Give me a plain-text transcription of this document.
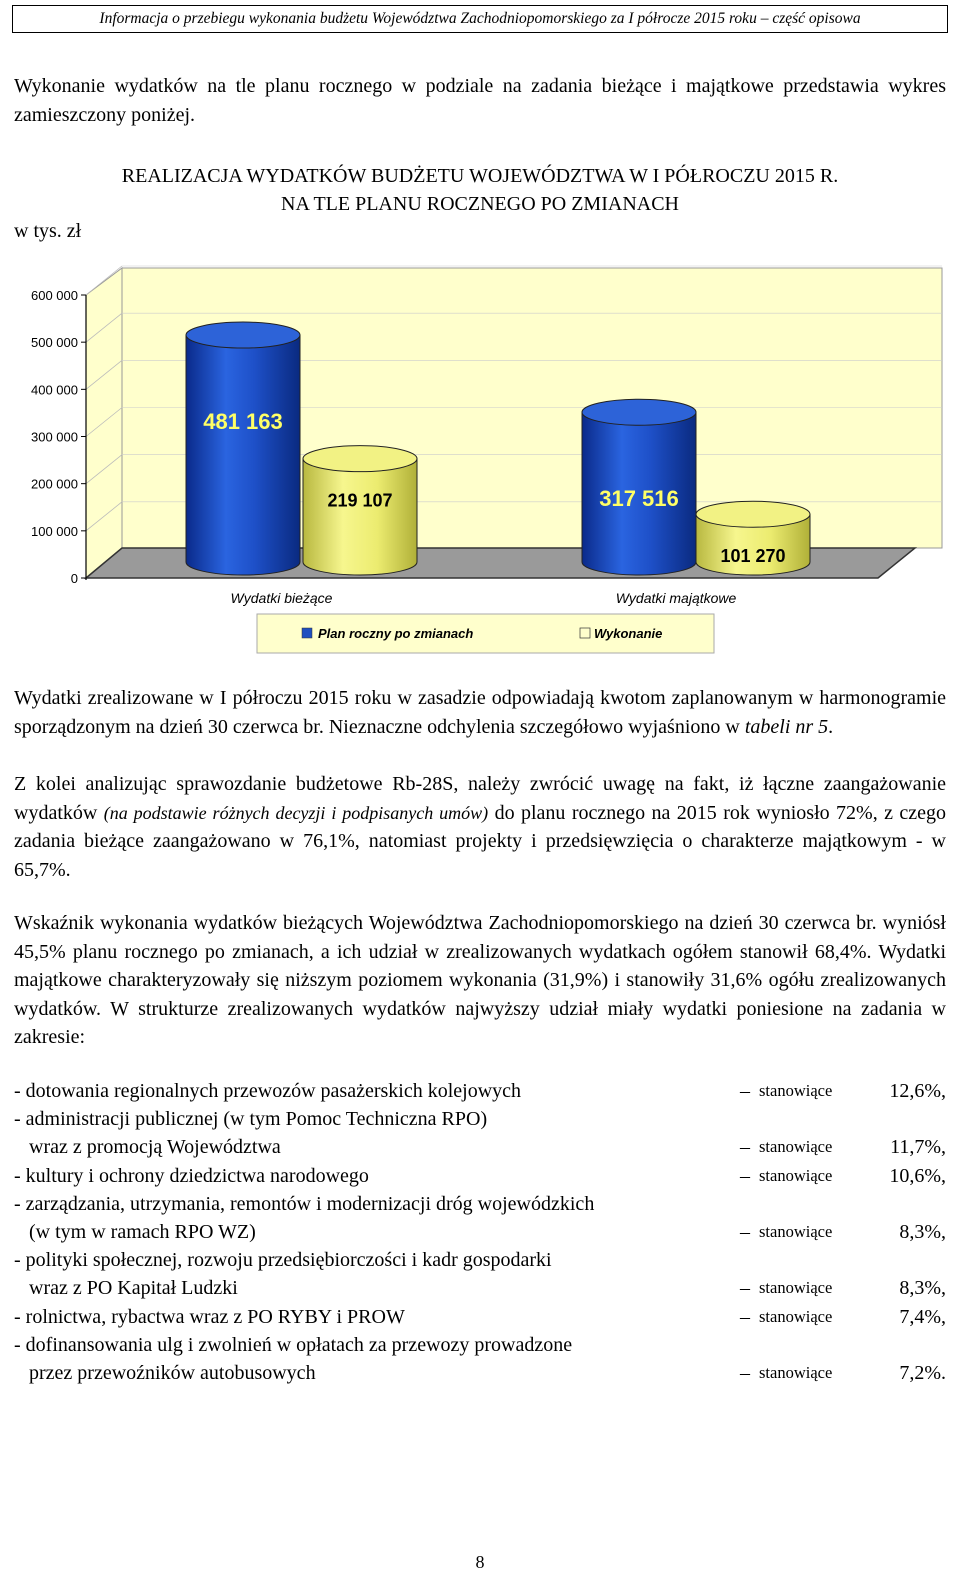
Informacja o przebiegu wykonania budżetu Województwa Zachodniopomorskiego za I półrocze 2015 roku – część opisowa
Wykonanie wydatków na tle planu rocznego w podziale na zadania bieżące i majątkowe przedstawia wykres zamieszczony poniżej.
REALIZACJA WYDATKÓW BUDŻETU WOJEWÓDZTWA W I PÓŁROCZU 2015 R.
NA TLE PLANU ROCZNEGO PO ZMIANACH
w tys. zł
0
100 000
200 000
300 000
400 000
500 000
600 000
481 163
219 107	317 516
101 270
Wydatki bieżące	Wydatki majątkowe
Plan roczny po zmianach	Wykonanie
Wydatki zrealizowane w I półroczu 2015 roku w zasadzie odpowiadają kwotom zaplanowanym w harmonogramie sporządzonym na dzień 30 czerwca br. Nieznaczne odchylenia szczegółowo wyjaśniono w tabeli nr 5.
Z kolei analizując sprawozdanie budżetowe Rb-28S, należy zwrócić uwagę na fakt, iż łączne zaangażowanie wydatków (na podstawie różnych decyzji i podpisanych umów) do planu rocznego na 2015 rok wyniosło 72%, z czego zadania bieżące zaangażowano w 76,1%, natomiast projekty i przedsięwzięcia o charakterze majątkowym - w 65,7%.
Wskaźnik wykonania wydatków bieżących Województwa Zachodniopomorskiego na dzień 30 czerwca br. wyniósł 45,5% planu rocznego po zmianach, a ich udział w zrealizowanych wydatkach ogółem stanowił 68,4%. Wydatki majątkowe charakteryzowały się niższym poziomem wykonania (31,9%) i stanowiły 31,6% ogółu zrealizowanych wydatków. W strukturze zrealizowanych wydatków najwyższy udział miały wydatki poniesione na zadania w zakresie:
- dotowania regionalnych przewozów pasażerskich kolejowych	– stanowiące	12,6%,
- administracji publicznej (w tym Pomoc Techniczna RPO)
wraz z promocją Województwa	– stanowiące	11,7%,
- kultury i ochrony dziedzictwa narodowego	– stanowiące	10,6%,
- zarządzania, utrzymania, remontów i modernizacji dróg wojewódzkich
(w tym w ramach RPO WZ)	– stanowiące	8,3%,
- polityki społecznej, rozwoju przedsiębiorczości i kadr gospodarki
wraz z PO Kapitał Ludzki	– stanowiące	8,3%,
- rolnictwa, rybactwa wraz z PO RYBY i PROW	– stanowiące	7,4%,
- dofinansowania ulg i zwolnień w opłatach za przewozy prowadzone
przez przewoźników autobusowych	– stanowiące	7,2%.
8
